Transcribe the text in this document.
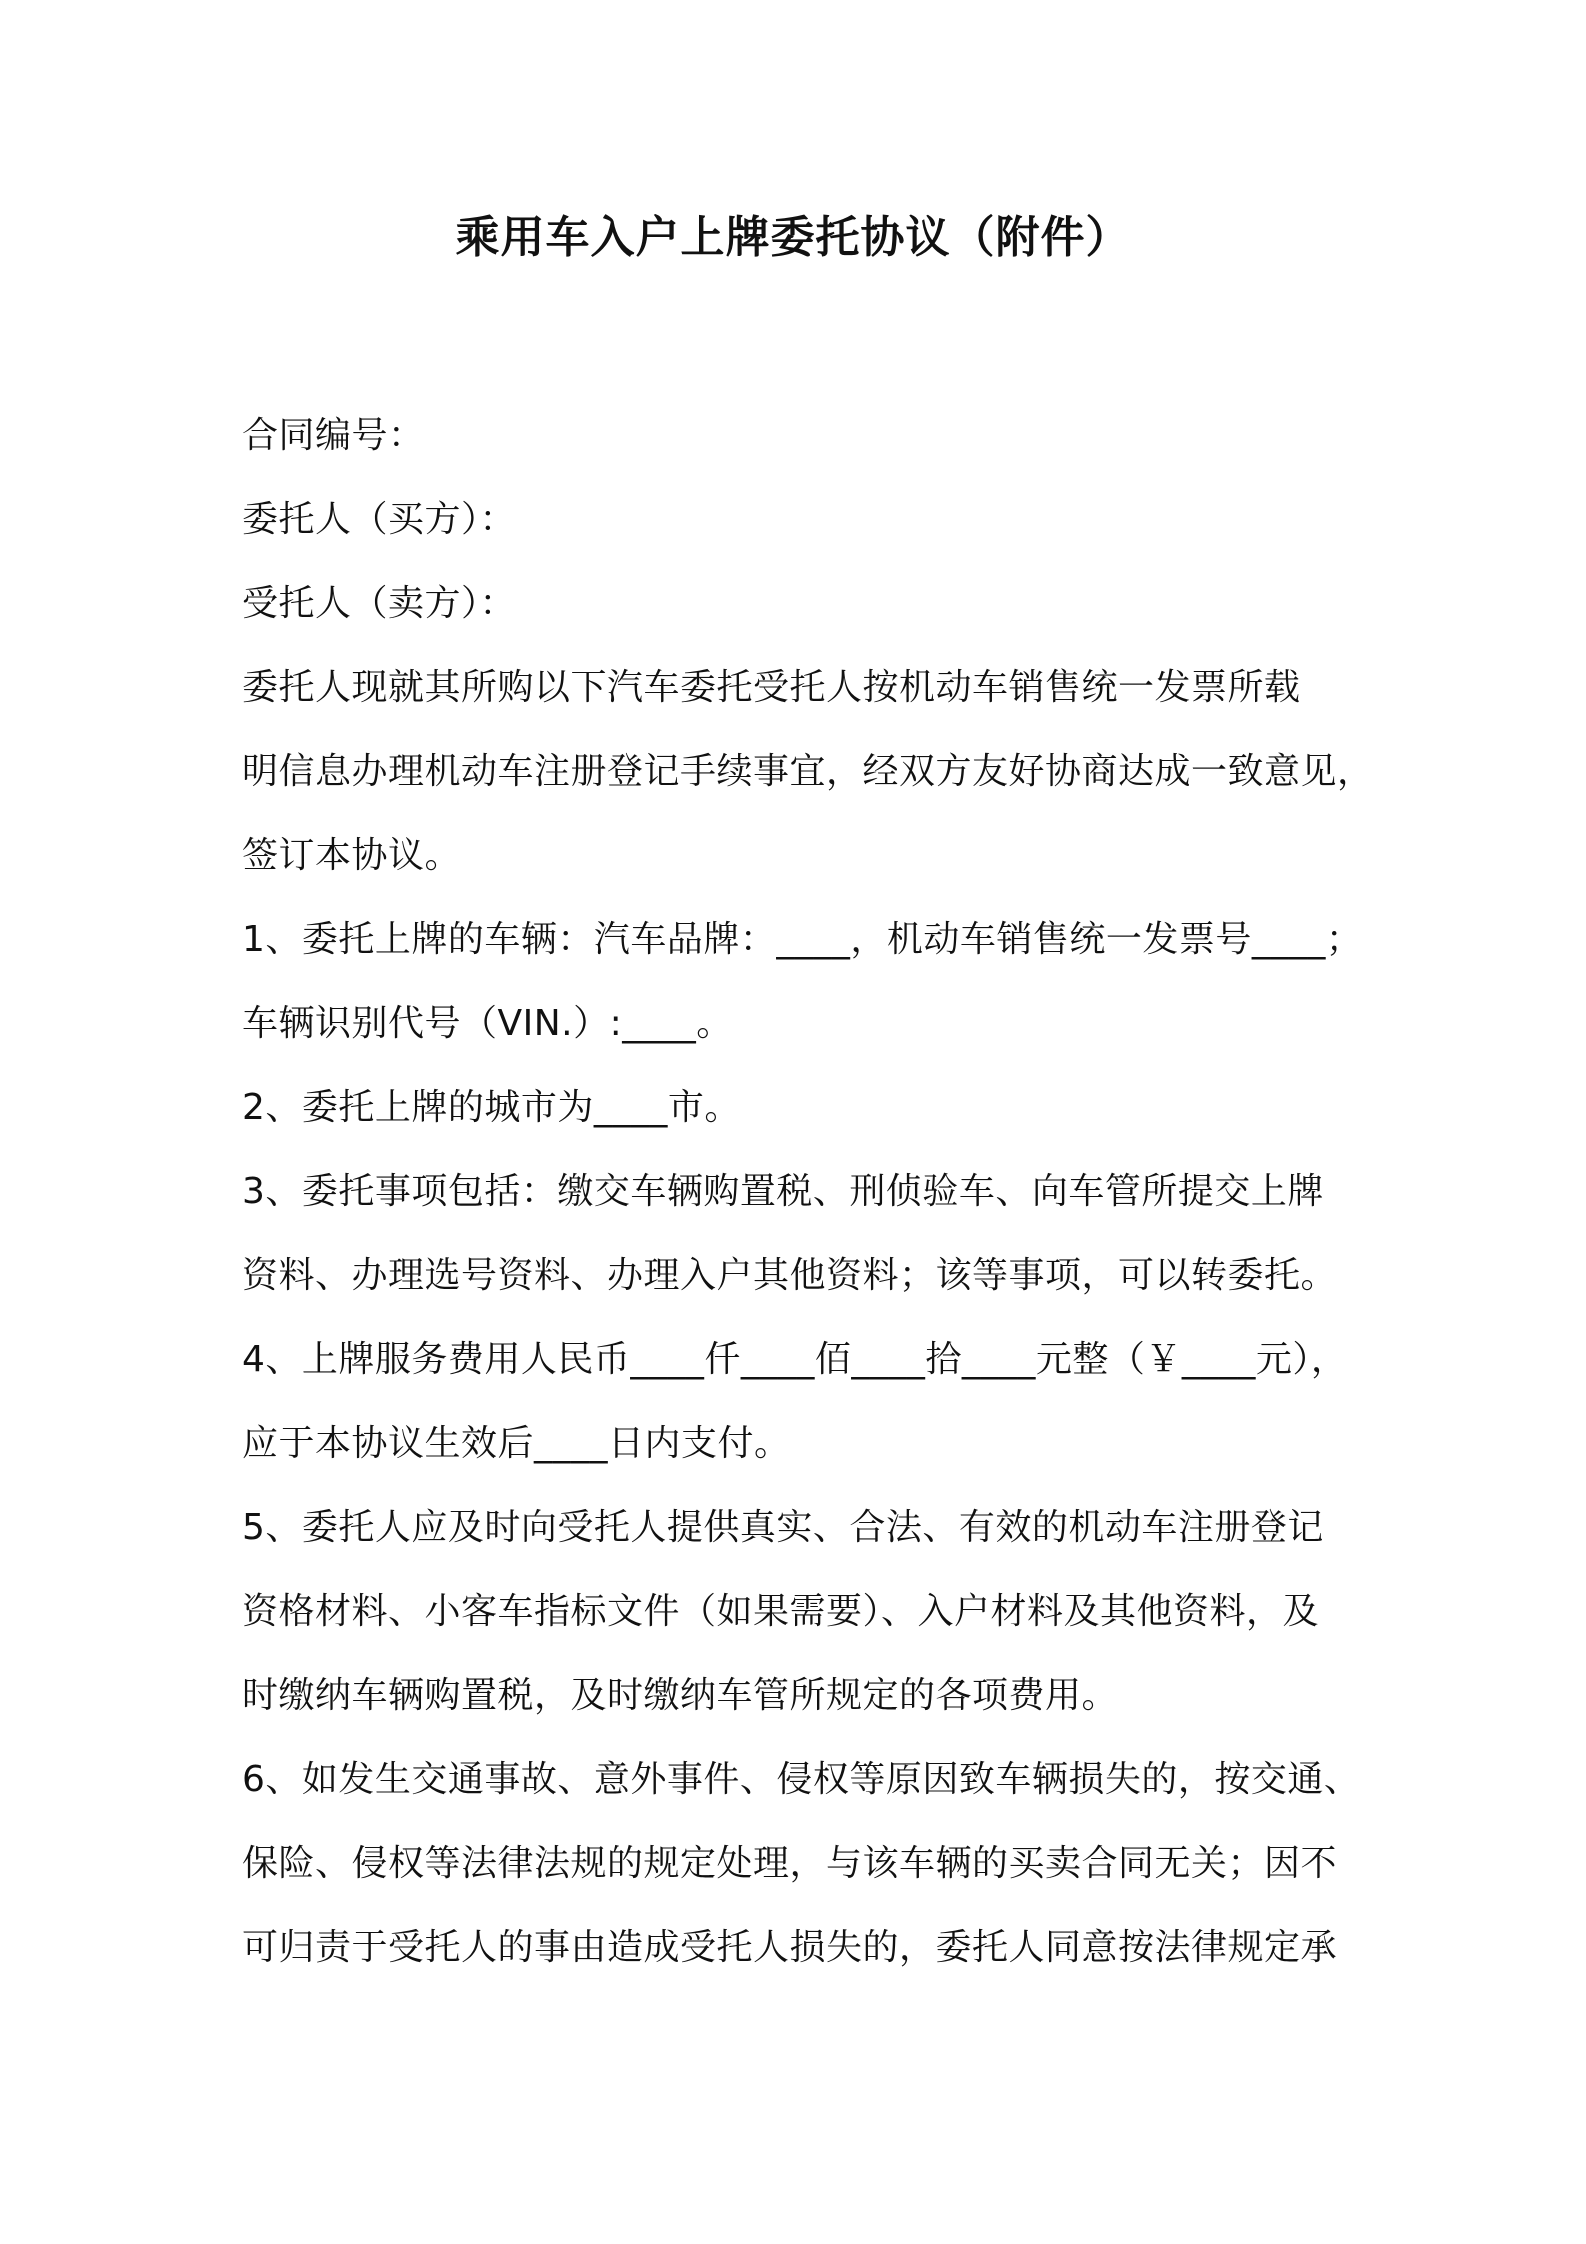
乘用车入户上牌委托协议（附件）
合同编号：
委托人（买方）：
受托人（卖方）：
委托人现就其所购以下汽车委托受托人按机动车销售统一发票所载
明信息办理机动车注册登记手续事宜，经双方友好协商达成一致意见，
签订本协议。
1、委托上牌的车辆：汽车品牌：____，机动车销售统一发票号____；
车辆识别代号（VIN.）:____。
2、委托上牌的城市为____市。
3、委托事项包括：缴交车辆购置税、刑侦验车、向车管所提交上牌
资料、办理选号资料、办理入户其他资料；该等事项，可以转委托。
4、上牌服务费用人民币____仟____佰____拾____元整（￥____元），
应于本协议生效后____日内支付。
5、委托人应及时向受托人提供真实、合法、有效的机动车注册登记
资格材料、小客车指标文件（如果需要）、入户材料及其他资料，及
时缴纳车辆购置税，及时缴纳车管所规定的各项费用。
6、如发生交通事故、意外事件、侵权等原因致车辆损失的，按交通、
保险、侵权等法律法规的规定处理，与该车辆的买卖合同无关；因不
可归责于受托人的事由造成受托人损失的，委托人同意按法律规定承
